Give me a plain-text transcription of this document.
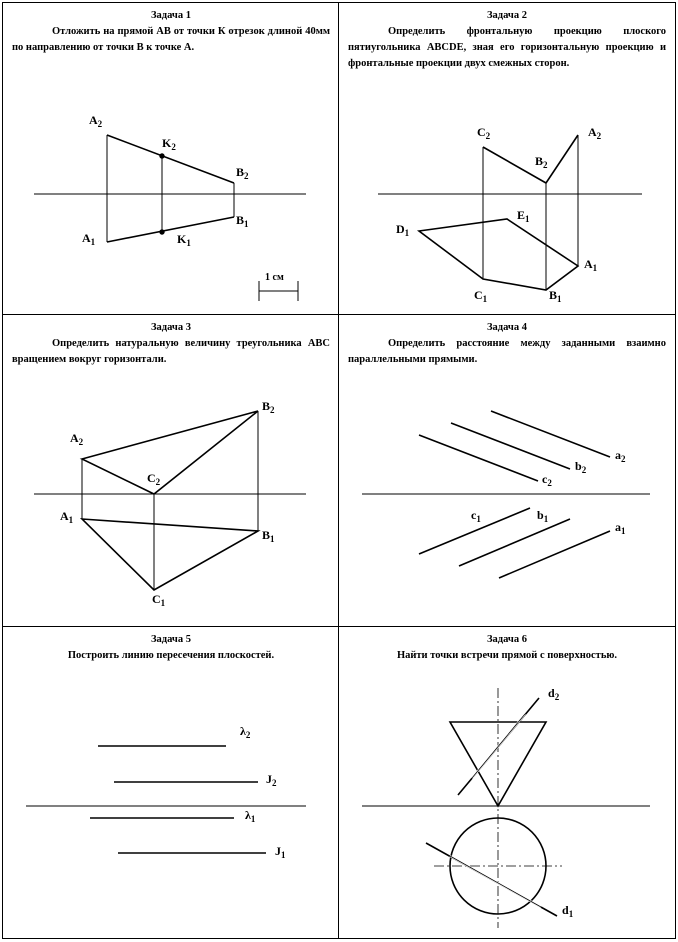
Задача 1
Отложить на прямой АВ от точки К отрезок длиной 40мм по направлению от точки В к точке А.
Задача 2
Определить фронтальную проекцию плоского пятиугольника ABCDE, зная его горизонтальную проекцию и фронтальные проекции двух смежных сторон.
Задача 3
Определить натуральную величину треугольника АВС вращением вокруг горизонтали.
Задача 4
Определить расстояние между заданными взаимно параллельными прямыми.
Задача 5
Построить линию пересечения плоскостей.
Задача 6
Найти точки встречи прямой с поверхностью.
$A_2$
$K_2$
$B_2$
$A_1$	$K_1$
$B_1$
1 см
$C_2$	$A_2$
$B_2$
$E_1$
$D_1$
$A_1$
$C_1$	$B_1$
$B_2$
$A_2$
$C_2$
$A_1$
$B_1$
$C_1$
$a_2$
$b_2$
$c_2$
$c_1$	$b_1$
$a_1$
$\lambda_2$
$J_2$
$\lambda_1$
$J_1$
$d_2$
$d_1$
